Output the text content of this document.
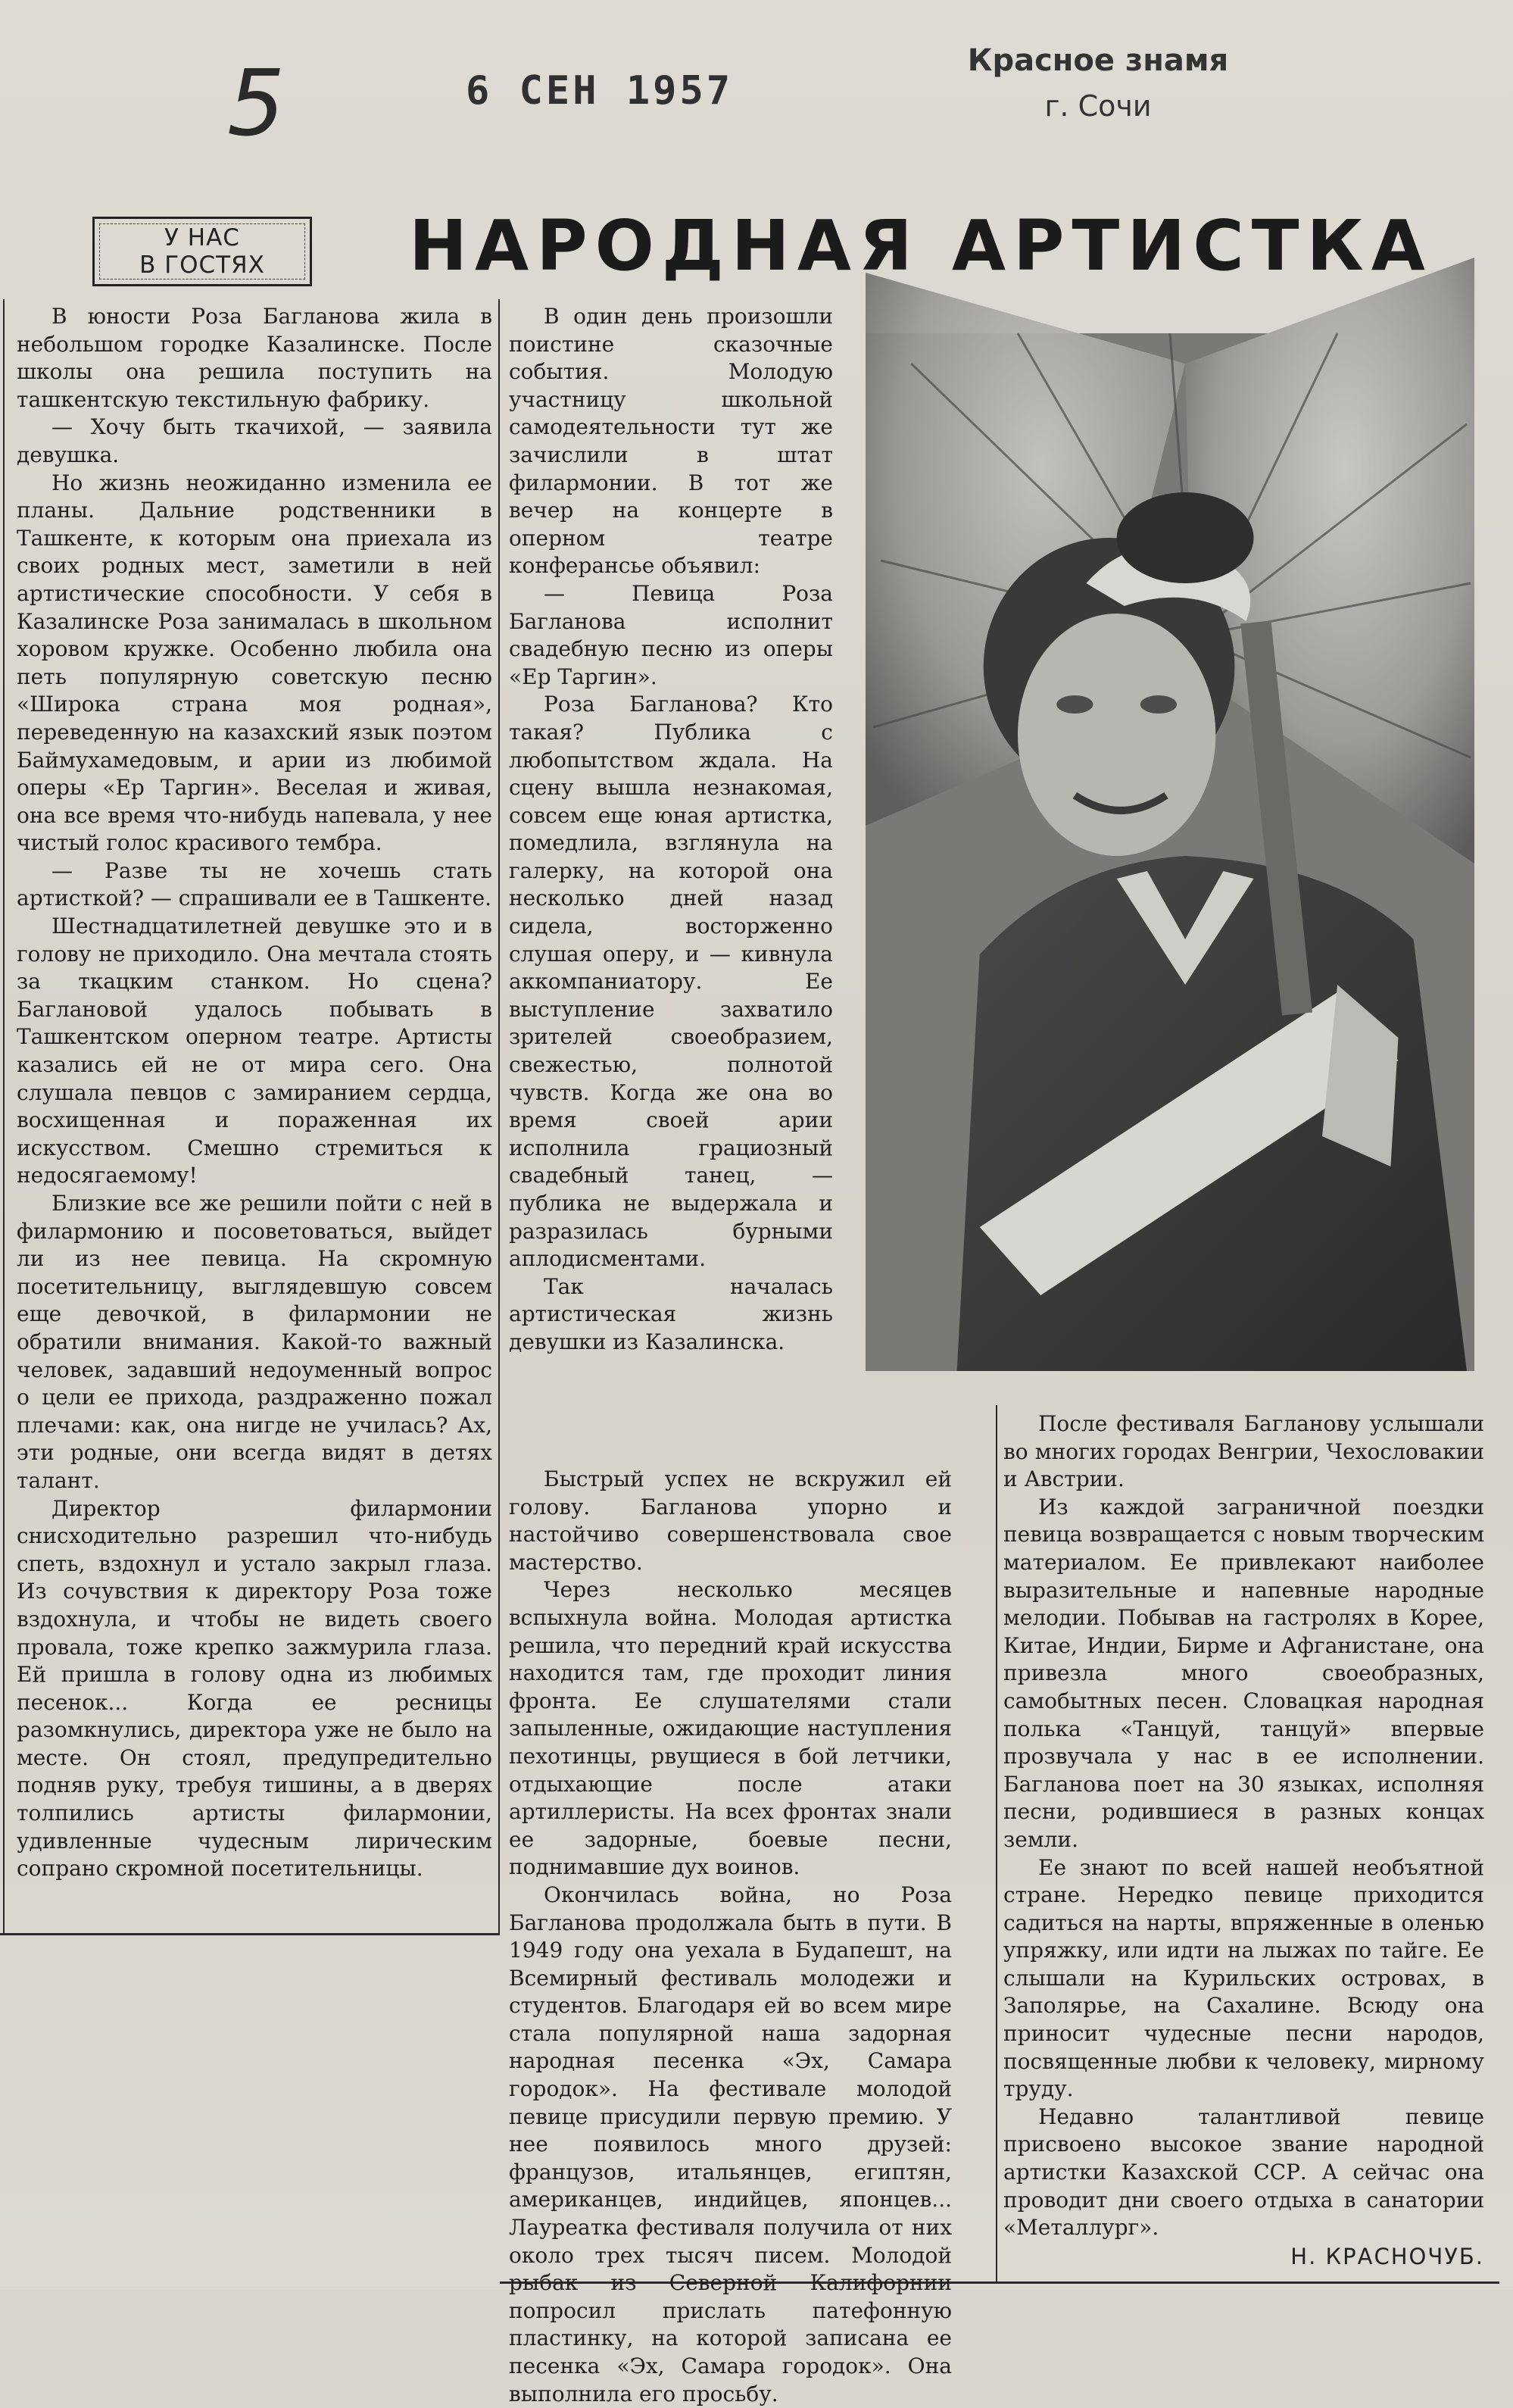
5	6 СЕН 1957
Красное знамя
г. Сочи
У НАС
В ГОСТЯХ НАРОДНАЯ АРТИСТКА

В юности Роза Багланова жила в небольшом городке Казалинске. После школы она решила поступить на ташкентскую текстильную фабрику.

— Хочу быть ткачихой, — заявила девушка.

Но жизнь неожиданно изменила ее планы. Дальние родственники в Ташкенте, к которым она приехала из своих родных мест, заметили в ней артистические способности. У себя в Казалинске Роза занималась в школьном хоровом кружке. Особенно любила она петь популярную советскую песню «Широка страна моя родная», переведенную на казахский язык поэтом Баймухамедовым, и арии из любимой оперы «Ер Таргин». Веселая и живая, она все время что-нибудь напевала, у нее чистый голос красивого тембра.

— Разве ты не хочешь стать артисткой? — спрашивали ее в Ташкенте.

Шестнадцатилетней девушке это и в голову не приходило. Она мечтала стоять за ткацким станком. Но сцена? Баглановой удалось побывать в Ташкентском оперном театре. Артисты казались ей не от мира сего. Она слушала певцов с замиранием сердца, восхищенная и пораженная их искусством. Смешно стремиться к недосягаемому!

Близкие все же решили пойти с ней в филармонию и посоветоваться, выйдет ли из нее певица. На скромную посетительницу, выглядевшую совсем еще девочкой, в филармонии не обратили внимания. Какой-то важный человек, задавший недоуменный вопрос о цели ее прихода, раздраженно пожал плечами: как, она нигде не училась? Ах, эти родные, они всегда видят в детях талант.

Директор филармонии снисходительно разрешил что-нибудь спеть, вздохнул и устало закрыл глаза. Из сочувствия к директору Роза тоже вздохнула, и чтобы не видеть своего провала, тоже крепко зажмурила глаза. Ей пришла в голову одна из любимых песенок... Когда ее ресницы разомкнулись, директора уже не было на месте. Он стоял, предупредительно подняв руку, требуя тишины, а в дверях толпились артисты филармонии, удивленные чудесным лирическим сопрано скромной посетительницы.

В один день произошли поистине сказочные события. Молодую участницу школьной самодеятельности тут же зачислили в штат филармонии. В тот же вечер на концерте в оперном театре конферансье объявил:

— Певица Роза Багланова исполнит свадебную песню из оперы «Ер Таргин».

Роза Багланова? Кто такая? Публика с любопытством ждала. На сцену вышла незнакомая, совсем еще юная артистка, помедлила, взглянула на галерку, на которой она несколько дней назад сидела, восторженно слушая оперу, и — кивнула аккомпаниатору. Ее выступление захватило зрителей своеобразием, свежестью, полнотой чувств. Когда же она во время своей арии исполнила грациозный свадебный танец, — публика не выдержала и разразилась бурными аплодисментами.

Так началась артистическая жизнь девушки из Казалинска.

Быстрый успех не вскружил ей голову. Багланова упорно и настойчиво совершенствовала свое мастерство.

Через несколько месяцев вспыхнула война. Молодая артистка решила, что передний край искусства находится там, где проходит линия фронта. Ее слушателями стали запыленные, ожидающие наступления пехотинцы, рвущиеся в бой летчики, отдыхающие после атаки артиллеристы. На всех фронтах знали ее задорные, боевые песни, поднимавшие дух воинов.

Окончилась война, но Роза Багланова продолжала быть в пути. В 1949 году она уехала в Будапешт, на Всемирный фестиваль молодежи и студентов. Благодаря ей во всем мире стала популярной наша задорная народная песенка «Эх, Самара городок». На фестивале молодой певице присудили первую премию. У нее появилось много друзей: французов, итальянцев, египтян, американцев, индийцев, японцев... Лауреатка фестиваля получила от них около трех тысяч писем. Молодой рыбак из Северной Калифорнии попросил прислать патефонную пластинку, на которой записана ее песенка «Эх, Самара городок». Она выполнила его просьбу.

После фестиваля Багланову услышали во многих городах Венгрии, Чехословакии и Австрии.

Из каждой заграничной поездки певица возвращается с новым творческим материалом. Ее привлекают наиболее выразительные и напевные народные мелодии. Побывав на гастролях в Корее, Китае, Индии, Бирме и Афганистане, она привезла много своеобразных, самобытных песен. Словацкая народная полька «Танцуй, танцуй» впервые прозвучала у нас в ее исполнении. Багланова поет на 30 языках, исполняя песни, родившиеся в разных концах земли.

Ее знают по всей нашей необъятной стране. Нередко певице приходится садиться на нарты, впряженные в оленью упряжку, или идти на лыжах по тайге. Ее слышали на Курильских островах, в Заполярье, на Сахалине. Всюду она приносит чудесные песни народов, посвященные любви к человеку, мирному труду.

Недавно талантливой певице присвоено высокое звание народной артистки Казахской ССР. А сейчас она проводит дни своего отдыха в санатории «Металлург».

Н. КРАСНОЧУБ.
